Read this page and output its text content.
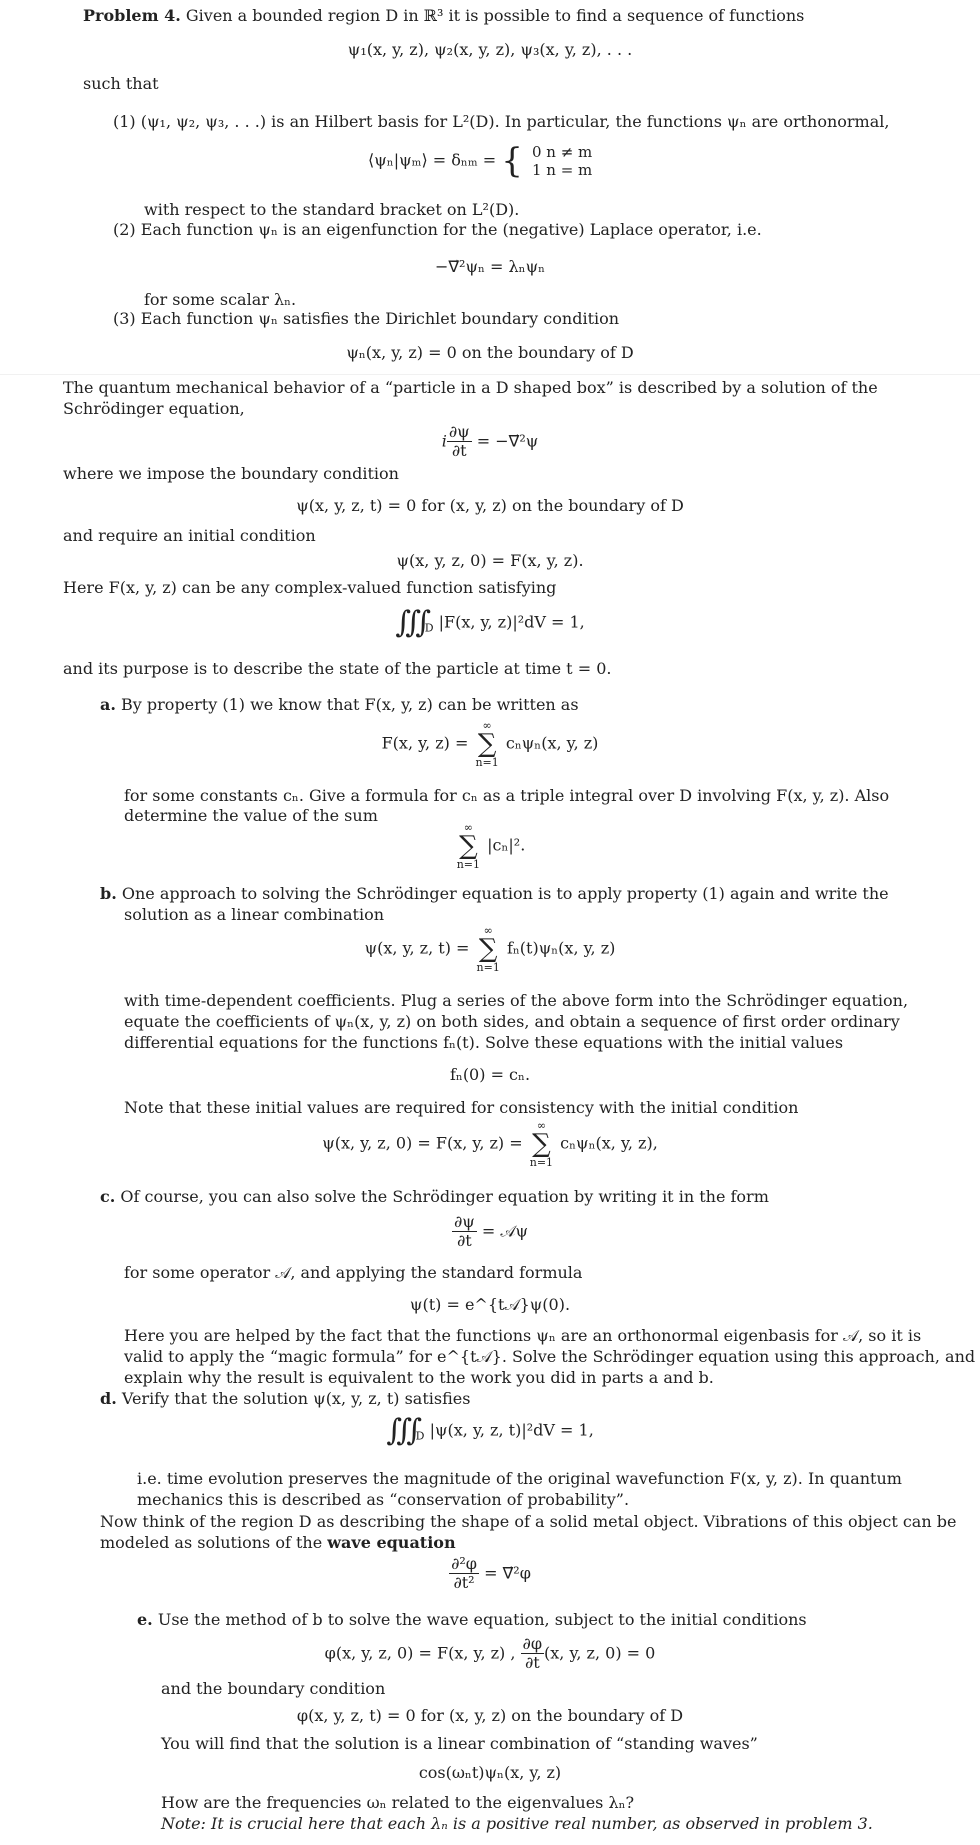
Problem 4. Given a bounded region D in ℝ³ it is possible to find a sequence of functions
ψ₁(x, y, z), ψ₂(x, y, z), ψ₃(x, y, z), . . .
such that
(1) (ψ₁, ψ₂, ψ₃, . . .) is an Hilbert basis for L²(D). In particular, the functions ψₙ are orthonormal,
⟨ψₙ|ψₘ⟩ = δₙₘ = { 0 n ≠ m
1 n = m
with respect to the standard bracket on L²(D).
(2) Each function ψₙ is an eigenfunction for the (negative) Laplace operator, i.e.
−∇⃗²ψₙ = λₙψₙ
for some scalar λₙ.
(3) Each function ψₙ satisfies the Dirichlet boundary condition
ψₙ(x, y, z) = 0 on the boundary of D
The quantum mechanical behavior of a “particle in a D shaped box” is described by a solution of the
Schrödinger equation,
i $\frac{\partial\psi}{\partial t}$ = −∇⃗²ψ
where we impose the boundary condition
ψ(x, y, z, t) = 0 for (x, y, z) on the boundary of D
and require an initial condition
ψ(x, y, z, 0) = F(x, y, z).
Here F(x, y, z) can be any complex-valued function satisfying
$∭_D$ |F(x, y, z)|²dV = 1,
and its purpose is to describe the state of the particle at time t = 0.
a. By property (1) we know that F(x, y, z) can be written as
F(x, y, z) =
∞
∑
n=1
cₙψₙ(x, y, z)
for some constants cₙ. Give a formula for cₙ as a triple integral over D involving F(x, y, z). Also
determine the value of the sum
∞
∑
n=1
|cₙ|².
b. One approach to solving the Schrödinger equation is to apply property (1) again and write the
solution as a linear combination
ψ(x, y, z, t) =
∞
∑
n=1
fₙ(t)ψₙ(x, y, z)
with time-dependent coefficients. Plug a series of the above form into the Schrödinger equation,
equate the coefficients of ψₙ(x, y, z) on both sides, and obtain a sequence of first order ordinary
differential equations for the functions fₙ(t). Solve these equations with the initial values
fₙ(0) = cₙ.
Note that these initial values are required for consistency with the initial condition
ψ(x, y, z, 0) = F(x, y, z) =
∞
∑
n=1
cₙψₙ(x, y, z),
c. Of course, you can also solve the Schrödinger equation by writing it in the form
$\frac{\partial\psi}{\partial t}$ = 𝒜ψ
for some operator 𝒜, and applying the standard formula
ψ(t) = e^{t𝒜}ψ(0).
Here you are helped by the fact that the functions ψₙ are an orthonormal eigenbasis for 𝒜, so it is
valid to apply the “magic formula” for e^{t𝒜}. Solve the Schrödinger equation using this approach, and
explain why the result is equivalent to the work you did in parts a and b.
d. Verify that the solution ψ(x, y, z, t) satisfies
$∭_D$ |ψ(x, y, z, t)|²dV = 1,
i.e. time evolution preserves the magnitude of the original wavefunction F(x, y, z). In quantum
mechanics this is described as “conservation of probability”.
Now think of the region D as describing the shape of a solid metal object. Vibrations of this object can be
modeled as solutions of the wave equation
$\frac{\text{∂²φ}}{\text{∂t²}}$ = ∇⃗²φ
e. Use the method of b to solve the wave equation, subject to the initial conditions
φ(x, y, z, 0) = F(x, y, z) , $\frac{\partial\varphi}{\partial t} (x$, y, z, 0) = 0
and the boundary condition
φ(x, y, z, t) = 0 for (x, y, z) on the boundary of D
You will find that the solution is a linear combination of “standing waves”
cos(ωₙt)ψₙ(x, y, z)
How are the frequencies ωₙ related to the eigenvalues λₙ?
Note: It is crucial here that each λₙ is a positive real number, as observed in problem 3.
